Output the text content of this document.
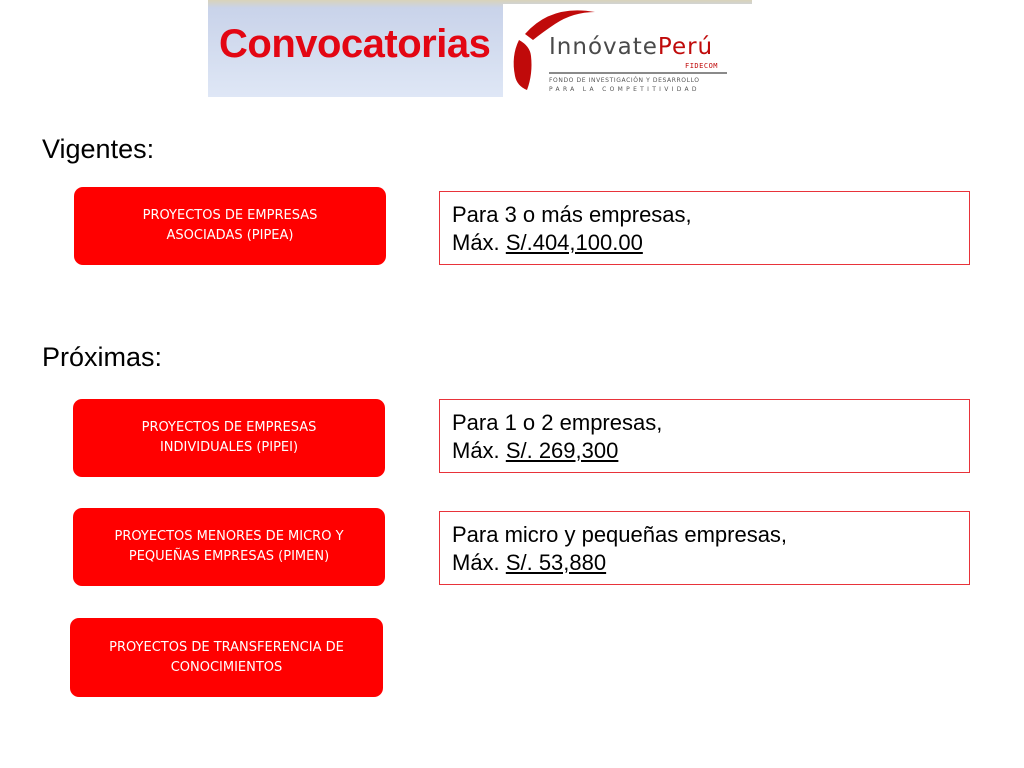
Convocatorias	InnóvatePerú
FIDECOM
FONDO DE INVESTIGACIÓN Y DESARROLLO
PARA LA COMPETITIVIDAD
Vigentes:
PROYECTOS DE EMPRESAS
ASOCIADAS (PIPEA)
Para 3 o más empresas,
Máx. S/.404,100.00
Próximas:
PROYECTOS DE EMPRESAS
INDIVIDUALES (PIPEI)
Para 1 o 2 empresas,
Máx. S/. 269,300
PROYECTOS MENORES DE MICRO Y
PEQUEÑAS EMPRESAS (PIMEN)
Para micro y pequeñas empresas,
Máx. S/. 53,880
PROYECTOS DE TRANSFERENCIA DE
CONOCIMIENTOS
